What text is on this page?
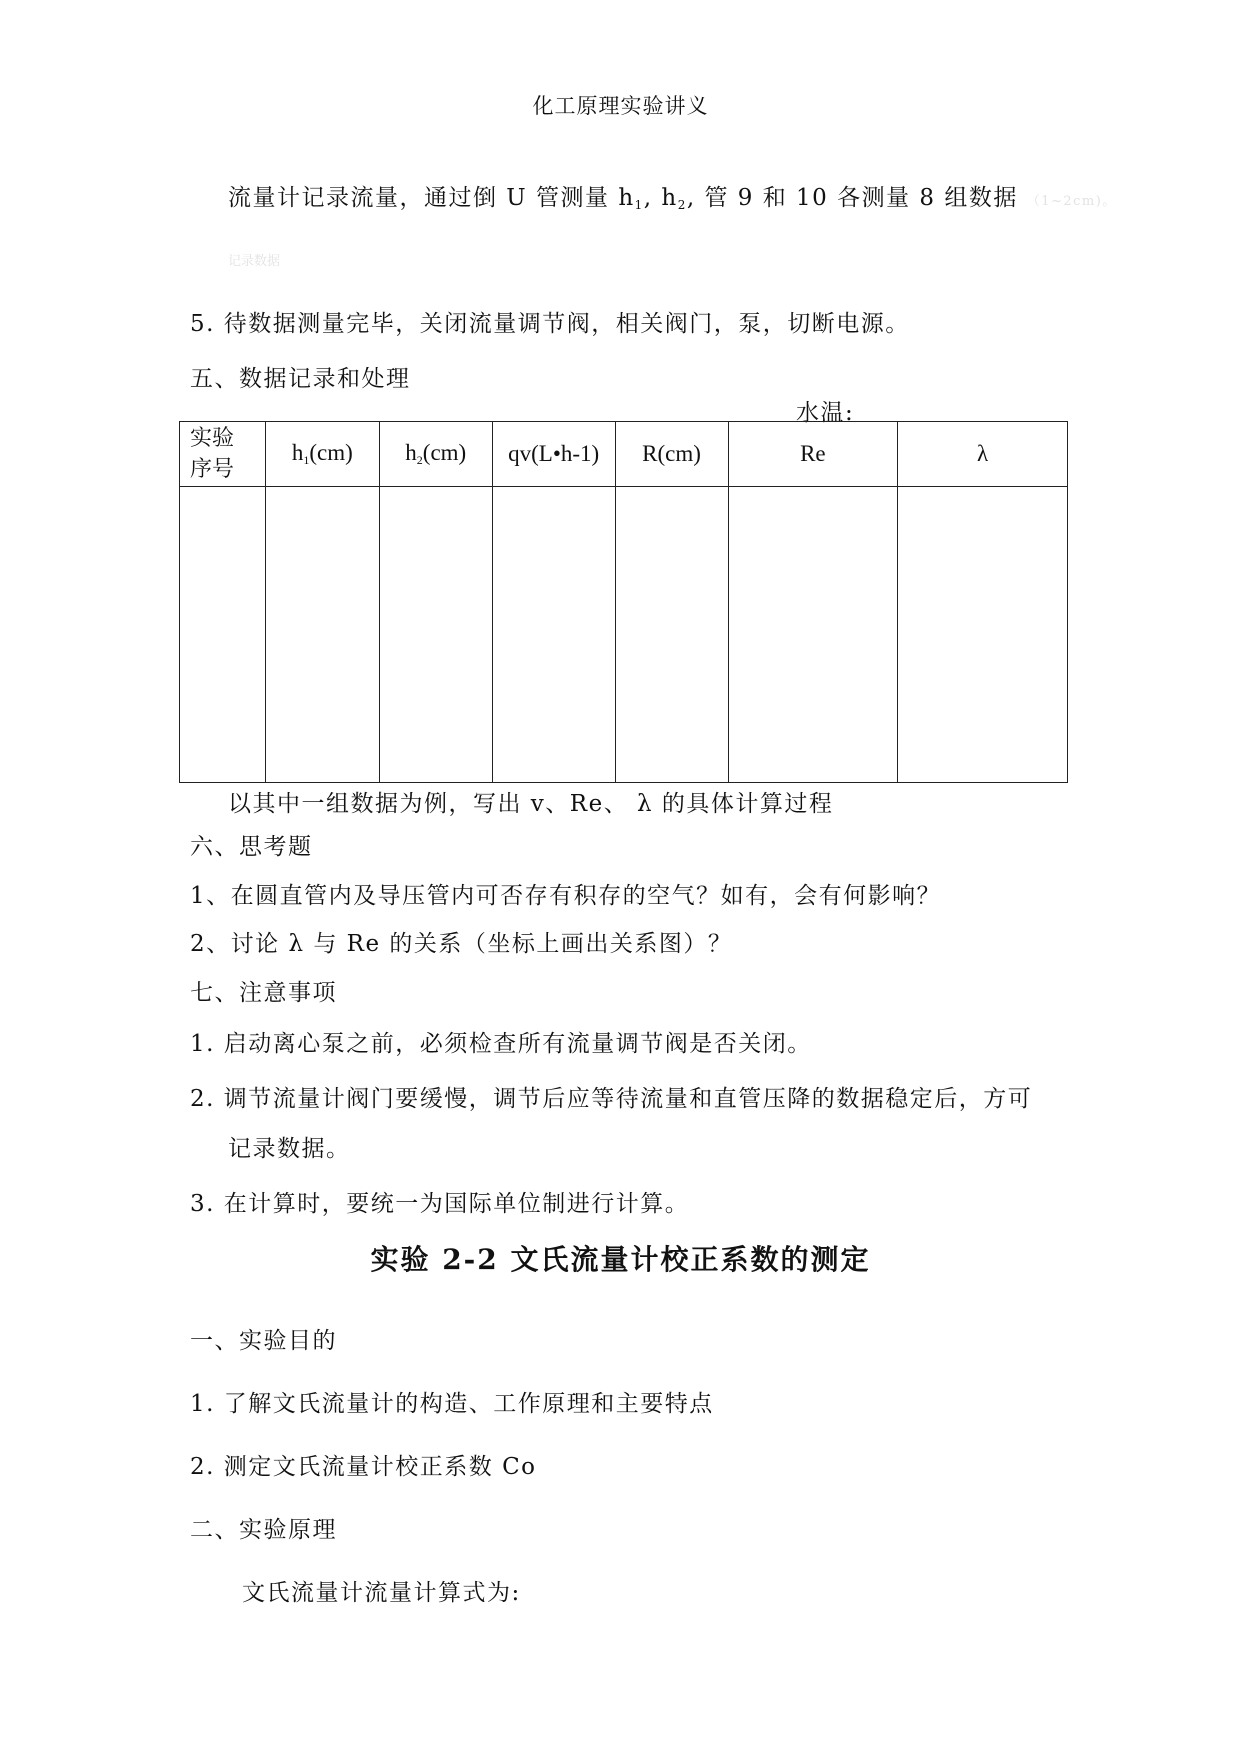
化工原理实验讲义
流量计记录流量，通过倒 U 管测量 $h_1$, $h_2$, 管 9 和 10 各测量 8 组数据 （1~2cm)。
记录数据
5. 待数据测量完毕，关闭流量调节阀，相关阀门，泵，切断电源。
五、数据记录和处理
水温:
实验
序号	$h_1(cm)$	$h_2(cm)$	qv(L•h-1)	R(cm)	Re	λ

以其中一组数据为例，写出 v、Re、 λ 的具体计算过程
六、思考题
1、在圆直管内及导压管内可否存有积存的空气？如有，会有何影响？
2、讨论 λ 与 Re 的关系（坐标上画出关系图）？
七、注意事项
1. 启动离心泵之前，必须检查所有流量调节阀是否关闭。
2. 调节流量计阀门要缓慢，调节后应等待流量和直管压降的数据稳定后，方可
记录数据。
3. 在计算时，要统一为国际单位制进行计算。
实验 2-2 文氏流量计校正系数的测定
一、实验目的
1. 了解文氏流量计的构造、工作原理和主要特点
2. 测定文氏流量计校正系数 Co
二、实验原理
文氏流量计流量计算式为:
